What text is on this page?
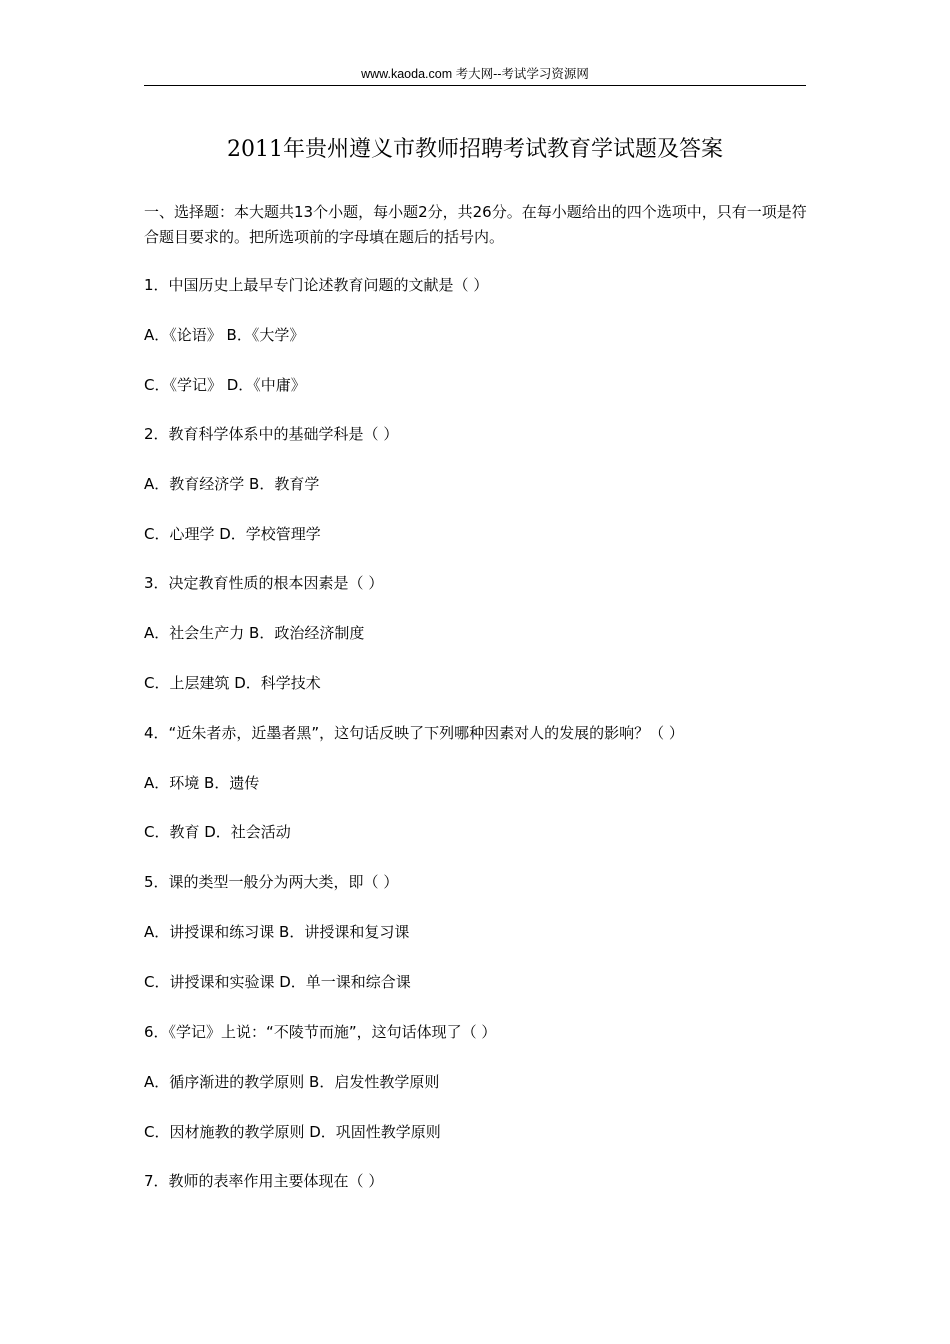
www.kaoda.com 考大网--考试学习资源网
2011年贵州遵义市教师招聘考试教育学试题及答案
一、选择题：本大题共13个小题，每小题2分，共26分。在每小题给出的四个选项中，只有一项是符合题目要求的。把所选项前的字母填在题后的括号内。
1．中国历史上最早专门论述教育问题的文献是（ ）
A．《论语》 B．《大学》
C．《学记》 D．《中庸》
2．教育科学体系中的基础学科是（ ）
A．教育经济学 B．教育学
C．心理学 D．学校管理学
3．决定教育性质的根本因素是（ ）
A．社会生产力 B．政治经济制度
C．上层建筑 D．科学技术
4．“近朱者赤，近墨者黑”，这句话反映了下列哪种因素对人的发展的影响？（ ）
A．环境 B．遗传
C．教育 D．社会活动
5．课的类型一般分为两大类，即（ ）
A．讲授课和练习课 B．讲授课和复习课
C．讲授课和实验课 D．单一课和综合课
6．《学记》上说：“不陵节而施”，这句话体现了（ ）
A．循序渐进的教学原则 B．启发性教学原则
C．因材施教的教学原则 D．巩固性教学原则
7．教师的表率作用主要体现在（ ）
